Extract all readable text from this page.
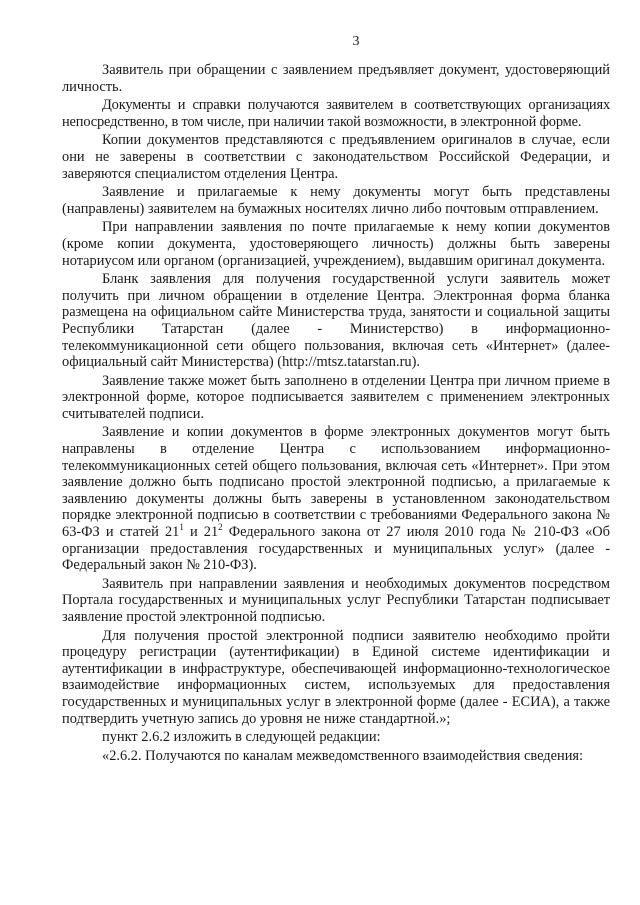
3

Заявитель при обращении с заявлением предъявляет документ, удостоверяющий личность.

Документы и справки получаются заявителем в соответствующих организациях непосредственно, в том числе, при наличии такой возможности, в электронной форме.

Копии документов представляются с предъявлением оригиналов в случае, если они не заверены в соответствии с законодательством Российской Федерации, и заверяются специалистом отделения Центра.

Заявление и прилагаемые к нему документы могут быть представлены (направлены) заявителем на бумажных носителях лично либо почтовым отправлением.

При направлении заявления по почте прилагаемые к нему копии документов (кроме копии документа, удостоверяющего личность) должны быть заверены нотариусом или органом (организацией, учреждением), выдавшим оригинал документа.

Бланк заявления для получения государственной услуги заявитель может получить при личном обращении в отделение Центра. Электронная форма бланка размещена на официальном сайте Министерства труда, занятости и социальной защиты Республики Татарстан (далее - Министерство) в информационно-телекоммуникационной сети общего пользования, включая сеть «Интернет» (далее-официальный сайт Министерства) (http://mtsz.tatarstan.ru).

Заявление также может быть заполнено в отделении Центра при личном приеме в электронной форме, которое подписывается заявителем с применением электронных считывателей подписи.

Заявление и копии документов в форме электронных документов могут быть направлены в отделение Центра с использованием информационно-телекоммуникационных сетей общего пользования, включая сеть «Интернет». При этом заявление должно быть подписано простой электронной подписью, а прилагаемые к заявлению документы должны быть заверены в установленном законодательством порядке электронной подписью в соответствии с требованиями Федерального закона № 63-ФЗ и статей $21^1$ и $21^2$ Федерального закона от 27 июля 2010 года № 210-ФЗ «Об организации предоставления государственных и муниципальных услуг» (далее - Федеральный закон № 210-ФЗ).

Заявитель при направлении заявления и необходимых документов посредством Портала государственных и муниципальных услуг Республики Татарстан подписывает заявление простой электронной подписью.

Для получения простой электронной подписи заявителю необходимо пройти процедуру регистрации (аутентификации) в Единой системе идентификации и аутентификации в инфраструктуре, обеспечивающей информационно-технологическое взаимодействие информационных систем, используемых для предоставления государственных и муниципальных услуг в электронной форме (далее - ЕСИА), а также подтвердить учетную запись до уровня не ниже стандартной.»;

пункт 2.6.2 изложить в следующей редакции:

«2.6.2. Получаются по каналам межведомственного взаимодействия сведения:
